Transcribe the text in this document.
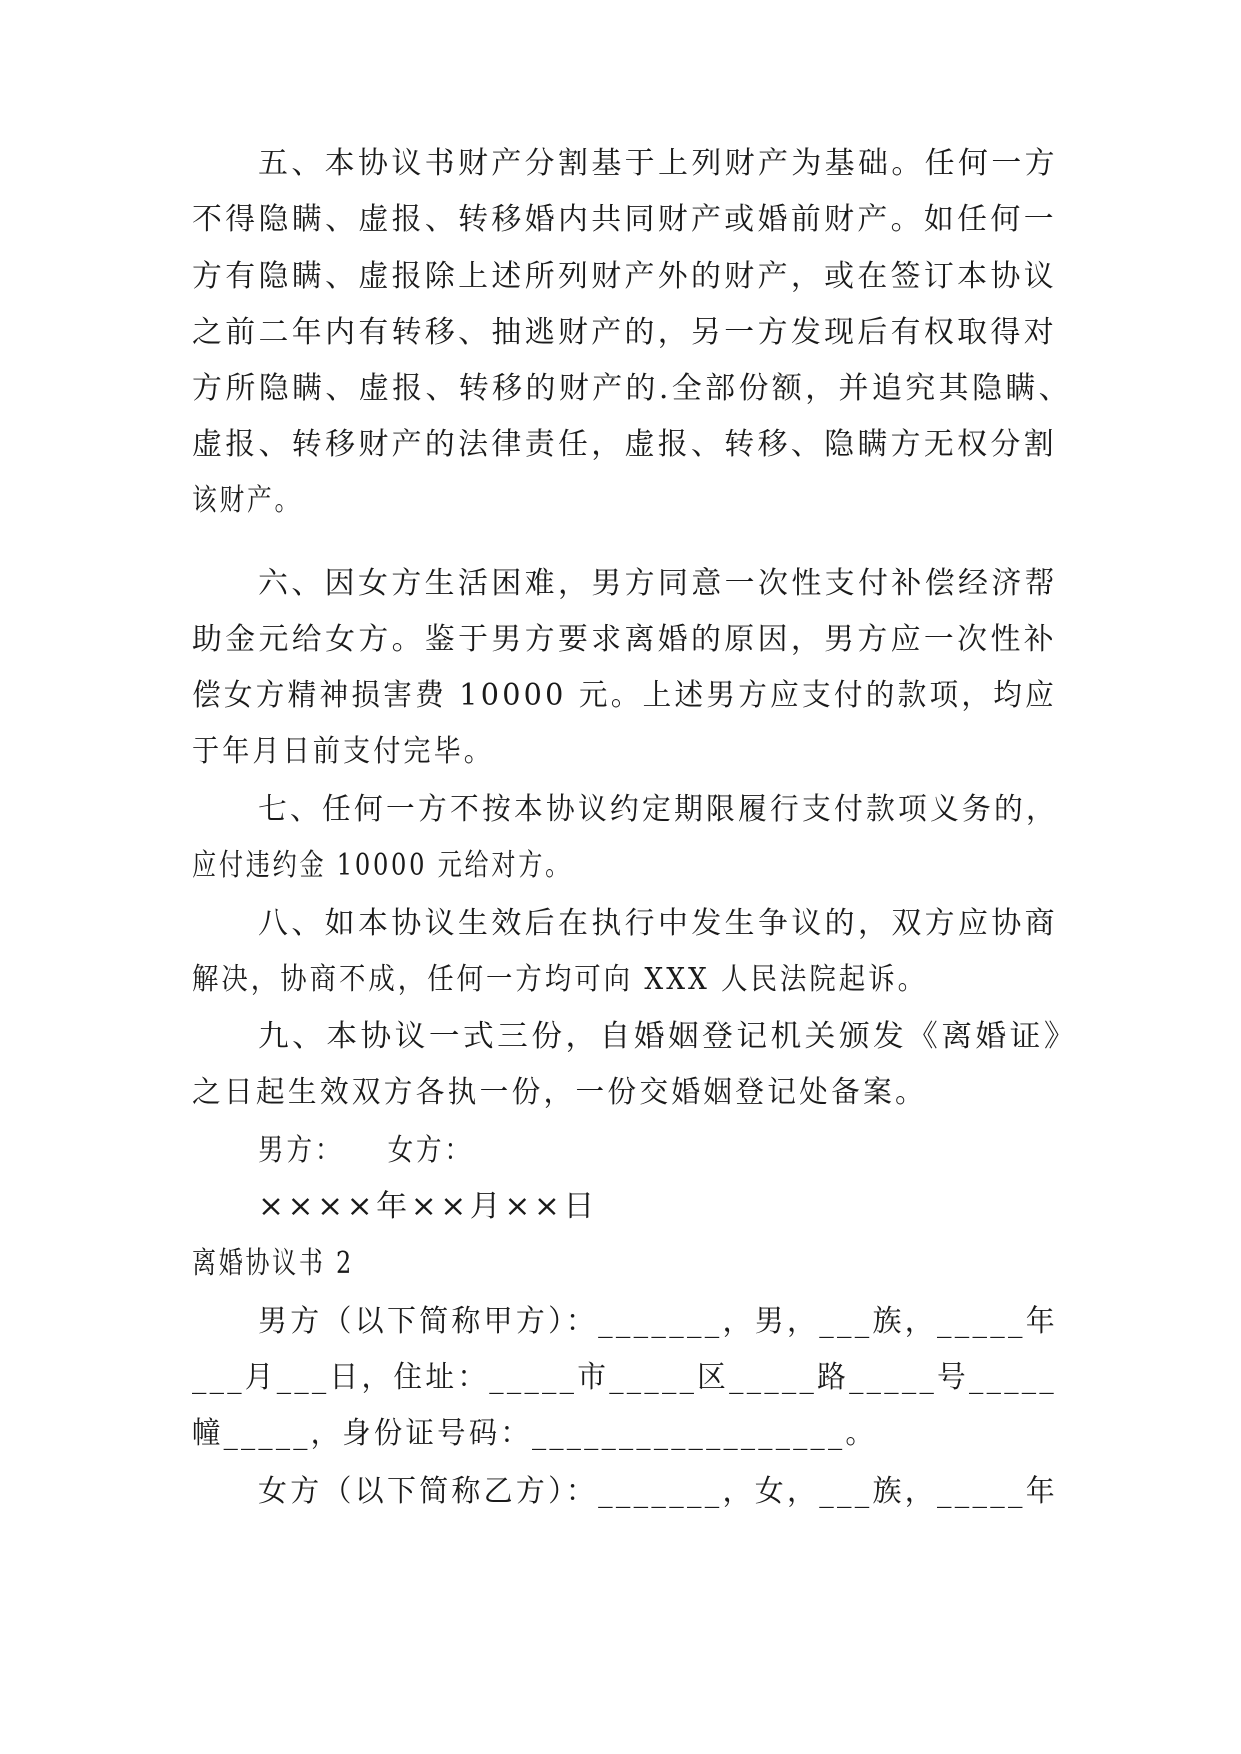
五、本协议书财产分割基于上列财产为基础。任何一方
不得隐瞒、虚报、转移婚内共同财产或婚前财产。如任何一
方有隐瞒、虚报除上述所列财产外的财产，或在签订本协议
之前二年内有转移、抽逃财产的，另一方发现后有权取得对
方所隐瞒、虚报、转移的财产的.全部份额，并追究其隐瞒、
虚报、转移财产的法律责任，虚报、转移、隐瞒方无权分割
该财产。
六、因女方生活困难，男方同意一次性支付补偿经济帮
助金元给女方。鉴于男方要求离婚的原因，男方应一次性补
偿女方精神损害费 10000 元。上述男方应支付的款项，均应
于年月日前支付完毕。
七、任何一方不按本协议约定期限履行支付款项义务的，
应付违约金 10000 元给对方。
八、如本协议生效后在执行中发生争议的，双方应协商
解决，协商不成，任何一方均可向 XXX 人民法院起诉。
九、本协议一式三份，自婚姻登记机关颁发《离婚证》
之日起生效双方各执一份，一份交婚姻登记处备案。
男方：　　女方：
××××年××月××日
离婚协议书 2
男方（以下简称甲方）：_______，男，___族，_____年
___月___日，住址：_____市_____区_____路_____号_____
幢_____，身份证号码：__________________。
女方（以下简称乙方）：_______，女，___族，_____年
